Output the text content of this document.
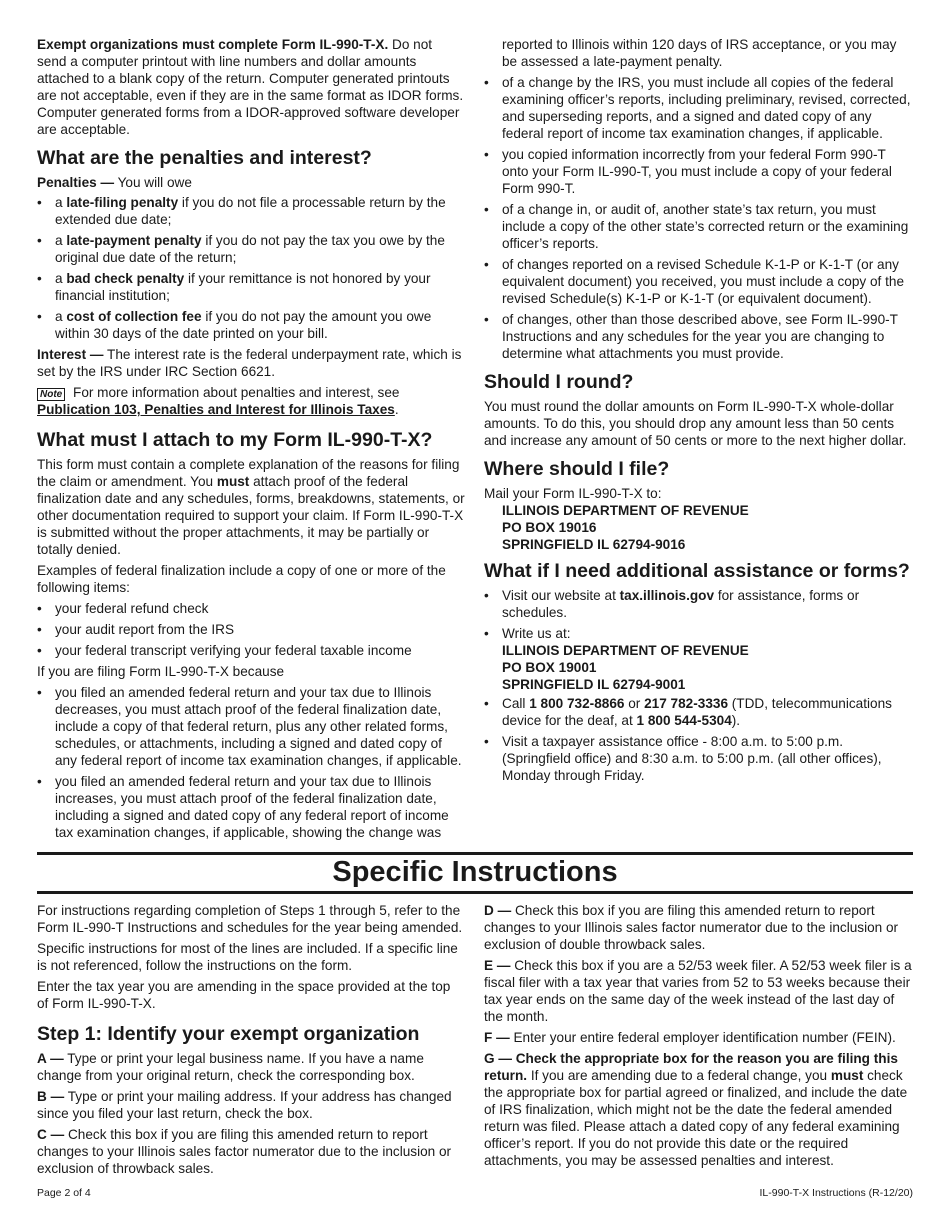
Exempt organizations must complete Form IL-990-T-X. Do not send a computer printout with line numbers and dollar amounts attached to a blank copy of the return. Computer generated printouts are not acceptable, even if they are in the same format as IDOR forms. Computer generated forms from a IDOR-approved software developer are acceptable.

What are the penalties and interest?

Penalties — You will owe

• a late-filing penalty if you do not file a processable return by the extended due date;
• a late-payment penalty if you do not pay the tax you owe by the original due date of the return;
• a bad check penalty if your remittance is not honored by your financial institution;
• a cost of collection fee if you do not pay the amount you owe within 30 days of the date printed on your bill.

Interest — The interest rate is the federal underpayment rate, which is set by the IRS under IRC Section 6621.

Note For more information about penalties and interest, see Publication 103, Penalties and Interest for Illinois Taxes.

What must I attach to my Form IL-990-T-X?

This form must contain a complete explanation of the reasons for filing the claim or amendment. You must attach proof of the federal finalization date and any schedules, forms, breakdowns, statements, or other documentation required to support your claim. If Form IL-990-T-X is submitted without the proper attachments, it may be partially or totally denied.

Examples of federal finalization include a copy of one or more of the following items:

• your federal refund check
• your audit report from the IRS
• your federal transcript verifying your federal taxable income

If you are filing Form IL-990-T-X because

• you filed an amended federal return and your tax due to Illinois decreases, you must attach proof of the federal finalization date, include a copy of that federal return, plus any other related forms, schedules, or attachments, including a signed and dated copy of any federal report of income tax examination changes, if applicable.
• you filed an amended federal return and your tax due to Illinois increases, you must attach proof of the federal finalization date, including a signed and dated copy of any federal report of income tax examination changes, if applicable, showing the change was

reported to Illinois within 120 days of IRS acceptance, or you may be assessed a late-payment penalty.

• of a change by the IRS, you must include all copies of the federal examining officer’s reports, including preliminary, revised, corrected, and superseding reports, and a signed and dated copy of any federal report of income tax examination changes, if applicable.
• you copied information incorrectly from your federal Form 990-T onto your Form IL-990-T, you must include a copy of your federal Form 990-T.
• of a change in, or audit of, another state’s tax return, you must include a copy of the other state’s corrected return or the examining officer’s reports.
• of changes reported on a revised Schedule K-1-P or K-1-T (or any equivalent document) you received, you must include a copy of the revised Schedule(s) K-1-P or K-1-T (or equivalent document).
• of changes, other than those described above, see Form IL-990-T Instructions and any schedules for the year you are changing to determine what attachments you must provide.
Should I round?

You must round the dollar amounts on Form IL-990-T-X whole-dollar amounts. To do this, you should drop any amount less than 50 cents and increase any amount of 50 cents or more to the next higher dollar.

Where should I file?

Mail your Form IL-990-T-X to:

ILLINOIS DEPARTMENT OF REVENUE
PO BOX 19016
SPRINGFIELD IL 62794-9016
What if I need additional assistance or forms?
• Visit our website at tax.illinois.gov for assistance, forms or schedules.
• Write us at:
ILLINOIS DEPARTMENT OF REVENUE
PO BOX 19001
SPRINGFIELD IL 62794-9001
• Call 1 800 732-8866 or 217 782-3336 (TDD, telecommunications device for the deaf, at 1 800 544-5304).
• Visit a taxpayer assistance office - 8:00 a.m. to 5:00 p.m. (Springfield office) and 8:30 a.m. to 5:00 p.m. (all other offices), Monday through Friday.
Specific Instructions

For instructions regarding completion of Steps 1 through 5, refer to the Form IL-990-T Instructions and schedules for the year being amended.

Specific instructions for most of the lines are included. If a specific line is not referenced, follow the instructions on the form.

Enter the tax year you are amending in the space provided at the top of Form IL-990-T-X.

Step 1: Identify your exempt organization

A — Type or print your legal business name. If you have a name change from your original return, check the corresponding box.

B — Type or print your mailing address. If your address has changed since you filed your last return, check the box.

C — Check this box if you are filing this amended return to report changes to your Illinois sales factor numerator due to the inclusion or exclusion of throwback sales.

D — Check this box if you are filing this amended return to report changes to your Illinois sales factor numerator due to the inclusion or exclusion of double throwback sales.

E — Check this box if you are a 52/53 week filer. A 52/53 week filer is a fiscal filer with a tax year that varies from 52 to 53 weeks because their tax year ends on the same day of the week instead of the last day of the month.

F — Enter your entire federal employer identification number (FEIN).

G — Check the appropriate box for the reason you are filing this return. If you are amending due to a federal change, you must check the appropriate box for partial agreed or finalized, and include the date of IRS finalization, which might not be the date the federal amended return was filed. Please attach a dated copy of any federal examining officer’s report. If you do not provide this date or the required attachments, you may be assessed penalties and interest.

Page 2 of 4	IL-990-T-X Instructions (R-12/20)
